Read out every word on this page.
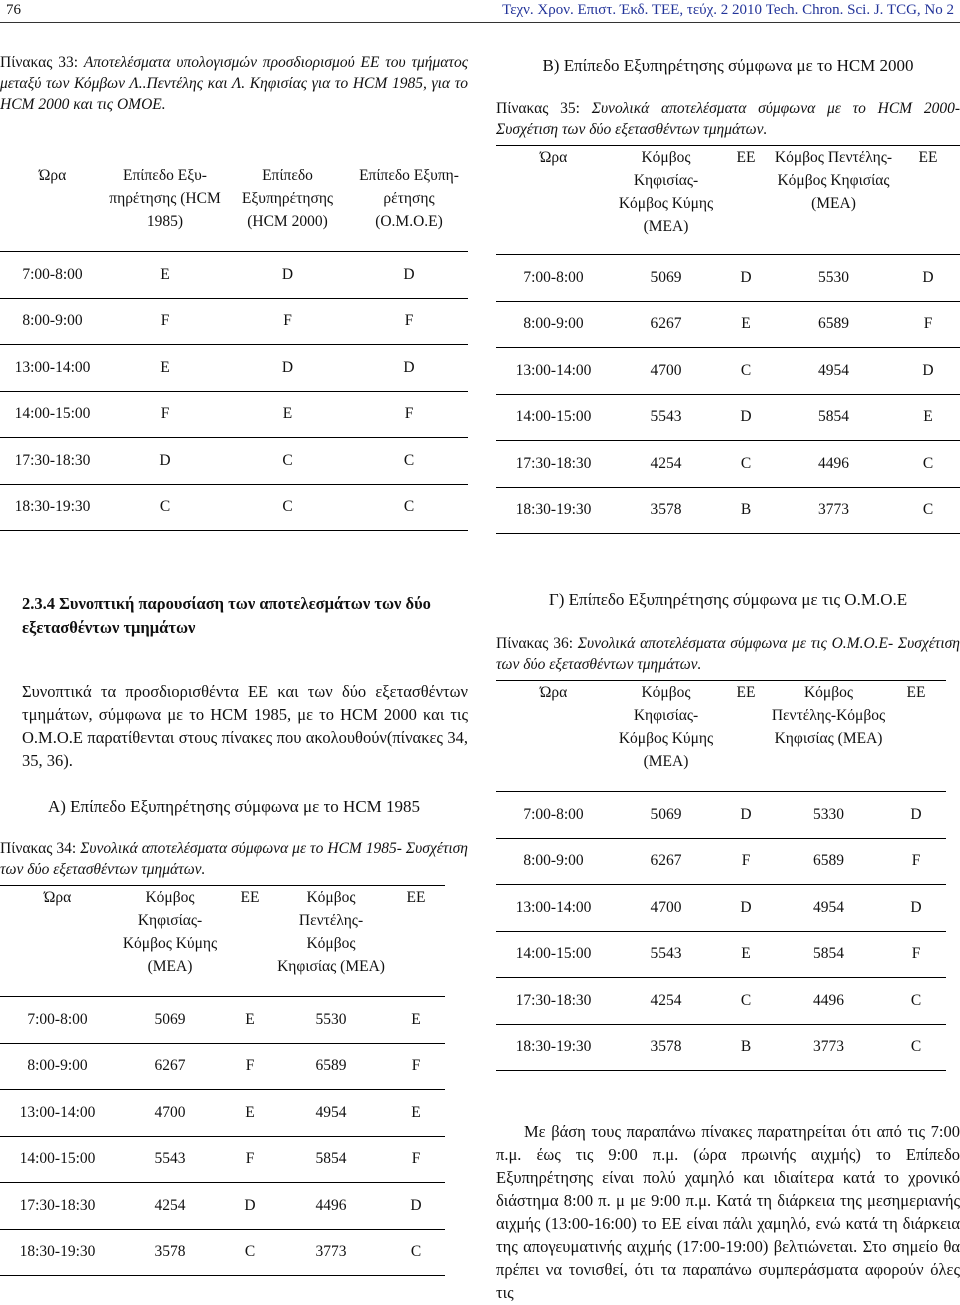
76	Τεχν. Χρον. Επιστ. Έκδ. ΤΕΕ, τεύχ. 2 2010 Tech. Chron. Sci. J. TCG, No 2
Πίνακας 33: Αποτελέσματα υπολογισμών προσδιορισμού ΕΕ του τμήματος μεταξύ των Κόμβων Λ..Πεντέλης και Λ. Κηφισίας για το HCM 1985, για το HCM 2000 και τις ΟΜΟΕ.
Ώρα	Επίπεδο Εξυ-πηρέτησης (HCM 1985)	Επίπεδο Εξυπηρέτησης (HCM 2000)	Επίπεδο Εξυπη-ρέτησης (Ο.Μ.Ο.Ε)
7:00-8:00	E	D	D
8:00-9:00	F	F	F
13:00-14:00	E	D	D
14:00-15:00	F	E	F
17:30-18:30	D	C	C
18:30-19:30	C	C	C
Β) Επίπεδο Εξυπηρέτησης σύμφωνα με το HCM 2000
Πίνακας 35: Συνολικά αποτελέσματα σύμφωνα με το HCM 2000- Συσχέτιση των δύο εξετασθέντων τμημάτων.
Ώρα	Κόμβος Κηφισίας-Κόμβος Κύμης (ΜΕΑ)	ΕΕ	Κόμβος Πεντέλης-Κόμβος Κηφισίας (ΜΕΑ)	ΕΕ
7:00-8:00	5069	D	5530	D
8:00-9:00	6267	E	6589	F
13:00-14:00	4700	C	4954	D
14:00-15:00	5543	D	5854	E
17:30-18:30	4254	C	4496	C
18:30-19:30	3578	B	3773	C
2.3.4 Συνοπτική παρουσίαση των αποτελεσμάτων των δύο εξετασθέντων τμημάτων
Συνοπτικά τα προσδιορισθέντα ΕΕ και των δύο εξετασθέντων τμημάτων, σύμφωνα με το HCM 1985, με το HCM 2000 και τις Ο.Μ.Ο.Ε παρατίθενται στους πίνακες που ακολουθούν(πίνακες 34, 35, 36).
Α) Επίπεδο Εξυπηρέτησης σύμφωνα με το HCM 1985
Πίνακας 34: Συνολικά αποτελέσματα σύμφωνα με το HCM 1985- Συσχέτιση των δύο εξετασθέντων τμημάτων.
Ώρα	Κόμβος Κηφισίας-Κόμβος Κύμης (ΜΕΑ)	ΕΕ	Κόμβος Πεντέλης-Κόμβος Κηφισίας (ΜΕΑ)	ΕΕ
7:00-8:00	5069	E	5530	E
8:00-9:00	6267	F	6589	F
13:00-14:00	4700	E	4954	E
14:00-15:00	5543	F	5854	F
17:30-18:30	4254	D	4496	D
18:30-19:30	3578	C	3773	C
Γ) Επίπεδο Εξυπηρέτησης σύμφωνα με τις Ο.Μ.Ο.Ε
Πίνακας 36: Συνολικά αποτελέσματα σύμφωνα με τις Ο.Μ.Ο.Ε- Συσχέτιση των δύο εξετασθέντων τμημάτων.
Ώρα	Κόμβος Κηφισίας-Κόμβος Κύμης (ΜΕΑ)	ΕΕ	Κόμβος Πεντέλης-Κόμβος Κηφισίας (ΜΕΑ)	ΕΕ
7:00-8:00	5069	D	5330	D
8:00-9:00	6267	F	6589	F
13:00-14:00	4700	D	4954	D
14:00-15:00	5543	E	5854	F
17:30-18:30	4254	C	4496	C
18:30-19:30	3578	B	3773	C
Με βάση τους παραπάνω πίνακες παρατηρείται ότι από τις 7:00 π.μ. έως τις 9:00 π.μ. (ώρα πρωινής αιχμής) το Επίπεδο Εξυπηρέτησης είναι πολύ χαμηλό και ιδιαίτερα κατά το χρονικό διάστημα 8:00 π. μ με 9:00 π.μ. Κατά τη διάρκεια της μεσημεριανής αιχμής (13:00-16:00) το ΕΕ είναι πάλι χαμηλό, ενώ κατά τη διάρκεια της απογευματινής αιχμής (17:00-19:00) βελτιώνεται. Στο σημείο θα πρέπει να τονισθεί, ότι τα παραπάνω συμπεράσματα αφορούν όλες τις
